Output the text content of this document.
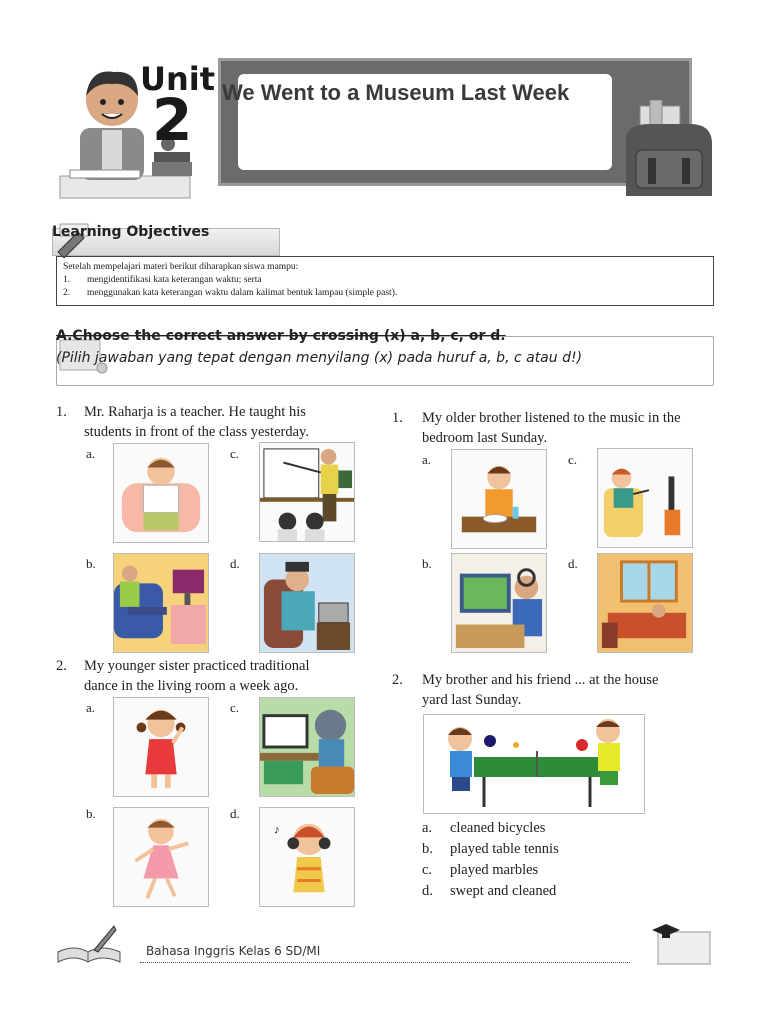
Unit
2 We Went to a Museum Last Week
Learning Objectives
Setelah mempelajari materi berikut diharapkan siswa mampu:
1.	mengidentifikasi kata keterangan waktu; serta
2.	menggunakan kata keterangan waktu dalam kalimat bentuk lampau (simple past).
A.Choose the correct answer by crossing (x) a, b, c, or d.
(Pilih jawaban yang tepat dengan menyilang (x) pada huruf a, b, c atau d!)
1. Mr. Raharja is a teacher. He taught his
students in front of the class yesterday.
a.	c.
b.	d.
2. My younger sister practiced traditional
dance in the living room a week ago.
a.	c.
b.	d.
♪
1. My older brother listened to the music in the
bedroom last Sunday.
a.	c.
b.	d.
2. My brother and his friend ... at the house
yard last Sunday.
a. cleaned bicycles
b. played table tennis
c. played marbles
d. swept and cleaned
Bahasa Inggris Kelas 6 SD/MI
